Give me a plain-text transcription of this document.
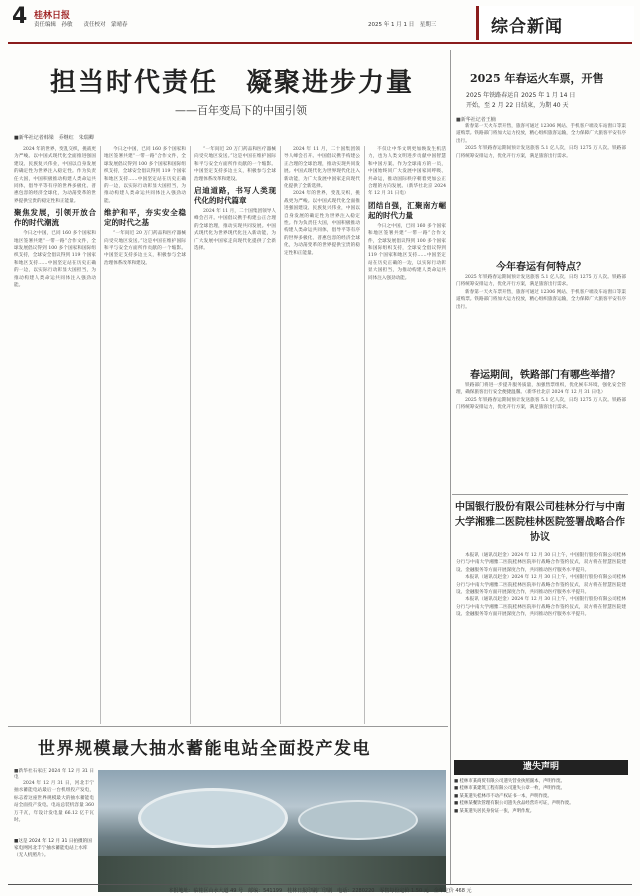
4 桂林日报
责任编辑　孙敏　　责任校对　蒙晴春	2025 年 1 月 1 日　星期三	综合新闻
担当时代责任　凝聚进步力量
——百年变局下的中国引领
■新华社记者韩梁　乔继红　朱瑞卿

2024 年的世界，变乱交织，挑战更为严峻。以中国式现代化全面推进强国建设、民族复兴伟业，中国以自身发展的确定性为世界注入稳定性。作为负责任大国，中国积极推动构建人类命运共同体，倡导平等有序的世界多极化、普惠包容的经济全球化，为动荡变革的世界提供宝贵的稳定性和正能量。

聚焦发展，引领开放合作的时代潮流

今日之中国，已同 160 多个国家和地区签署共建“一带一路”合作文件，全球发展倡议得到 100 多个国家和国际组织支持，全球安全倡议得到 119 个国家和地区支持……中国坚定站在历史正确的一边，以实际行动彰显大国担当，为推动构建人类命运共同体注入强劲动能。

今日之中国，已同 160 多个国家和地区签署共建“一带一路”合作文件，全球发展倡议得到 100 多个国家和国际组织支持，全球安全倡议得到 119 个国家和地区支持……中国坚定站在历史正确的一边，以实际行动彰显大国担当，为推动构建人类命运共同体注入强劲动能。

维护和平，夯实安全稳定的时代之基

“一年间近 20 万门药品和医疗器械向受灾地区发送。”这是中国在维护国际和平与安全方面所作贡献的一个缩影。中国坚定支持多边主义，积极参与全球治理体系改革和建设。

“一年间近 20 万门药品和医疗器械向受灾地区发送。”这是中国在维护国际和平与安全方面所作贡献的一个缩影。中国坚定支持多边主义，积极参与全球治理体系改革和建设。

启迪道路，书写人类现代化的时代篇章

2024 年 11 月，二十国集团领导人峰会召开。中国倡议携手构建公正合理的全球治理，推动实现共同发展。中国式现代化为世界现代化注入新动能，为广大发展中国家走向现代化提供了全新选择。

2024 年 11 月，二十国集团领导人峰会召开。中国倡议携手构建公正合理的全球治理，推动实现共同发展。中国式现代化为世界现代化注入新动能，为广大发展中国家走向现代化提供了全新选择。

2024 年的世界，变乱交织，挑战更为严峻。以中国式现代化全面推进强国建设、民族复兴伟业，中国以自身发展的确定性为世界注入稳定性。作为负责任大国，中国积极推动构建人类命运共同体，倡导平等有序的世界多极化、普惠包容的经济全球化，为动荡变革的世界提供宝贵的稳定性和正能量。

不仅让中华文明更加焕发生机活力，也为人类文明进步贡献中国智慧和中国方案。作为全球南方的一员，中国始终同广大发展中国家同呼吸、共命运，推动国际秩序朝着更加公正合理的方向发展。（新华社北京 2024 年 12 月 31 日电）

团结自强，汇聚南方崛起的时代力量

今日之中国，已同 160 多个国家和地区签署共建“一带一路”合作文件，全球发展倡议得到 100 多个国家和国际组织支持，全球安全倡议得到 119 个国家和地区支持……中国坚定站在历史正确的一边，以实际行动彰显大国担当，为推动构建人类命运共同体注入强劲动能。

2025 年春运火车票，开售
2025 年铁路春运自 2025 年 1 月 14 日
开始，至 2 月 22 日结束，为期 40 天
■新华社记者王楠

新春第一天火车票开售，旅客可通过 12306 网站、手机客户端及车站窗口等渠道购票。铁路部门将加大运力投放，精心组织旅客运输，全力保障广大旅客平安有序出行。

2025 年铁路春运期间预计发送旅客 5.1 亿人次，日均 1275 万人次。铁路部门将统筹安排运力，优化开行方案，满足旅客出行需求。

今年春运有何特点？

2025 年铁路春运期间预计发送旅客 5.1 亿人次，日均 1275 万人次。铁路部门将统筹安排运力，优化开行方案，满足旅客出行需求。

新春第一天火车票开售，旅客可通过 12306 网站、手机客户端及车站窗口等渠道购票。铁路部门将加大运力投放，精心组织旅客运输，全力保障广大旅客平安有序出行。

春运期间，铁路部门有哪些举措？

铁路部门将进一步提升服务质量，加强售票组织，优化候车环境，强化安全管理，确保旅客出行安全便捷温馨。（新华社北京 2024 年 12 月 31 日电）

2025 年铁路春运期间预计发送旅客 5.1 亿人次，日均 1275 万人次。铁路部门将统筹安排运力，优化开行方案，满足旅客出行需求。

中国银行股份有限公司桂林分行与中南大学湘雅二医院桂林医院签署战略合作协议

本报讯（通讯员赵金）2024 年 12 月 30 日上午，中国银行股份有限公司桂林分行与中南大学湘雅二医院桂林医院举行战略合作签约仪式，双方将在智慧医院建设、金融服务等方面开展深度合作，共同推动医疗服务水平提升。

本报讯（通讯员赵金）2024 年 12 月 30 日上午，中国银行股份有限公司桂林分行与中南大学湘雅二医院桂林医院举行战略合作签约仪式，双方将在智慧医院建设、金融服务等方面开展深度合作，共同推动医疗服务水平提升。

本报讯（通讯员赵金）2024 年 12 月 30 日上午，中国银行股份有限公司桂林分行与中南大学湘雅二医院桂林医院举行战略合作签约仪式，双方将在智慧医院建设、金融服务等方面开展深度合作，共同推动医疗服务水平提升。

世界规模最大抽水蓄能电站全面投产发电
■新华社石家庄 2024 年 12 月 31 日电

2024 年 12 月 31 日，河北丰宁抽水蓄能电站最后一台机组投产发电，标志着这座世界规模最大的抽水蓄能电站全面投产发电。电站总装机容量 360 万千瓦，年设计发电量 66.12 亿千瓦时。

■这是 2024 年 12 月 31 日拍摄的国家电网河北丰宁抽水蓄能电站上水库（无人机照片）。
遗失声明
■ 桂林市某商贸有限公司遗失营业执照副本，声明作废。
■ 桂林市某建筑工程有限公司遗失公章一枚，声明作废。
■ 某某遗失桂林市不动产权证书一本，声明作废。
■ 桂林某餐饮管理有限公司遗失食品经营许可证，声明作废。
■ 某某遗失居民身份证一张，声明作废。
本报地址：临桂区山水大道 49 号　邮编：541199　桂林日报印刷厂印刷　电话：2280220　零售每份定价 1.50 元　全年定价 468 元
